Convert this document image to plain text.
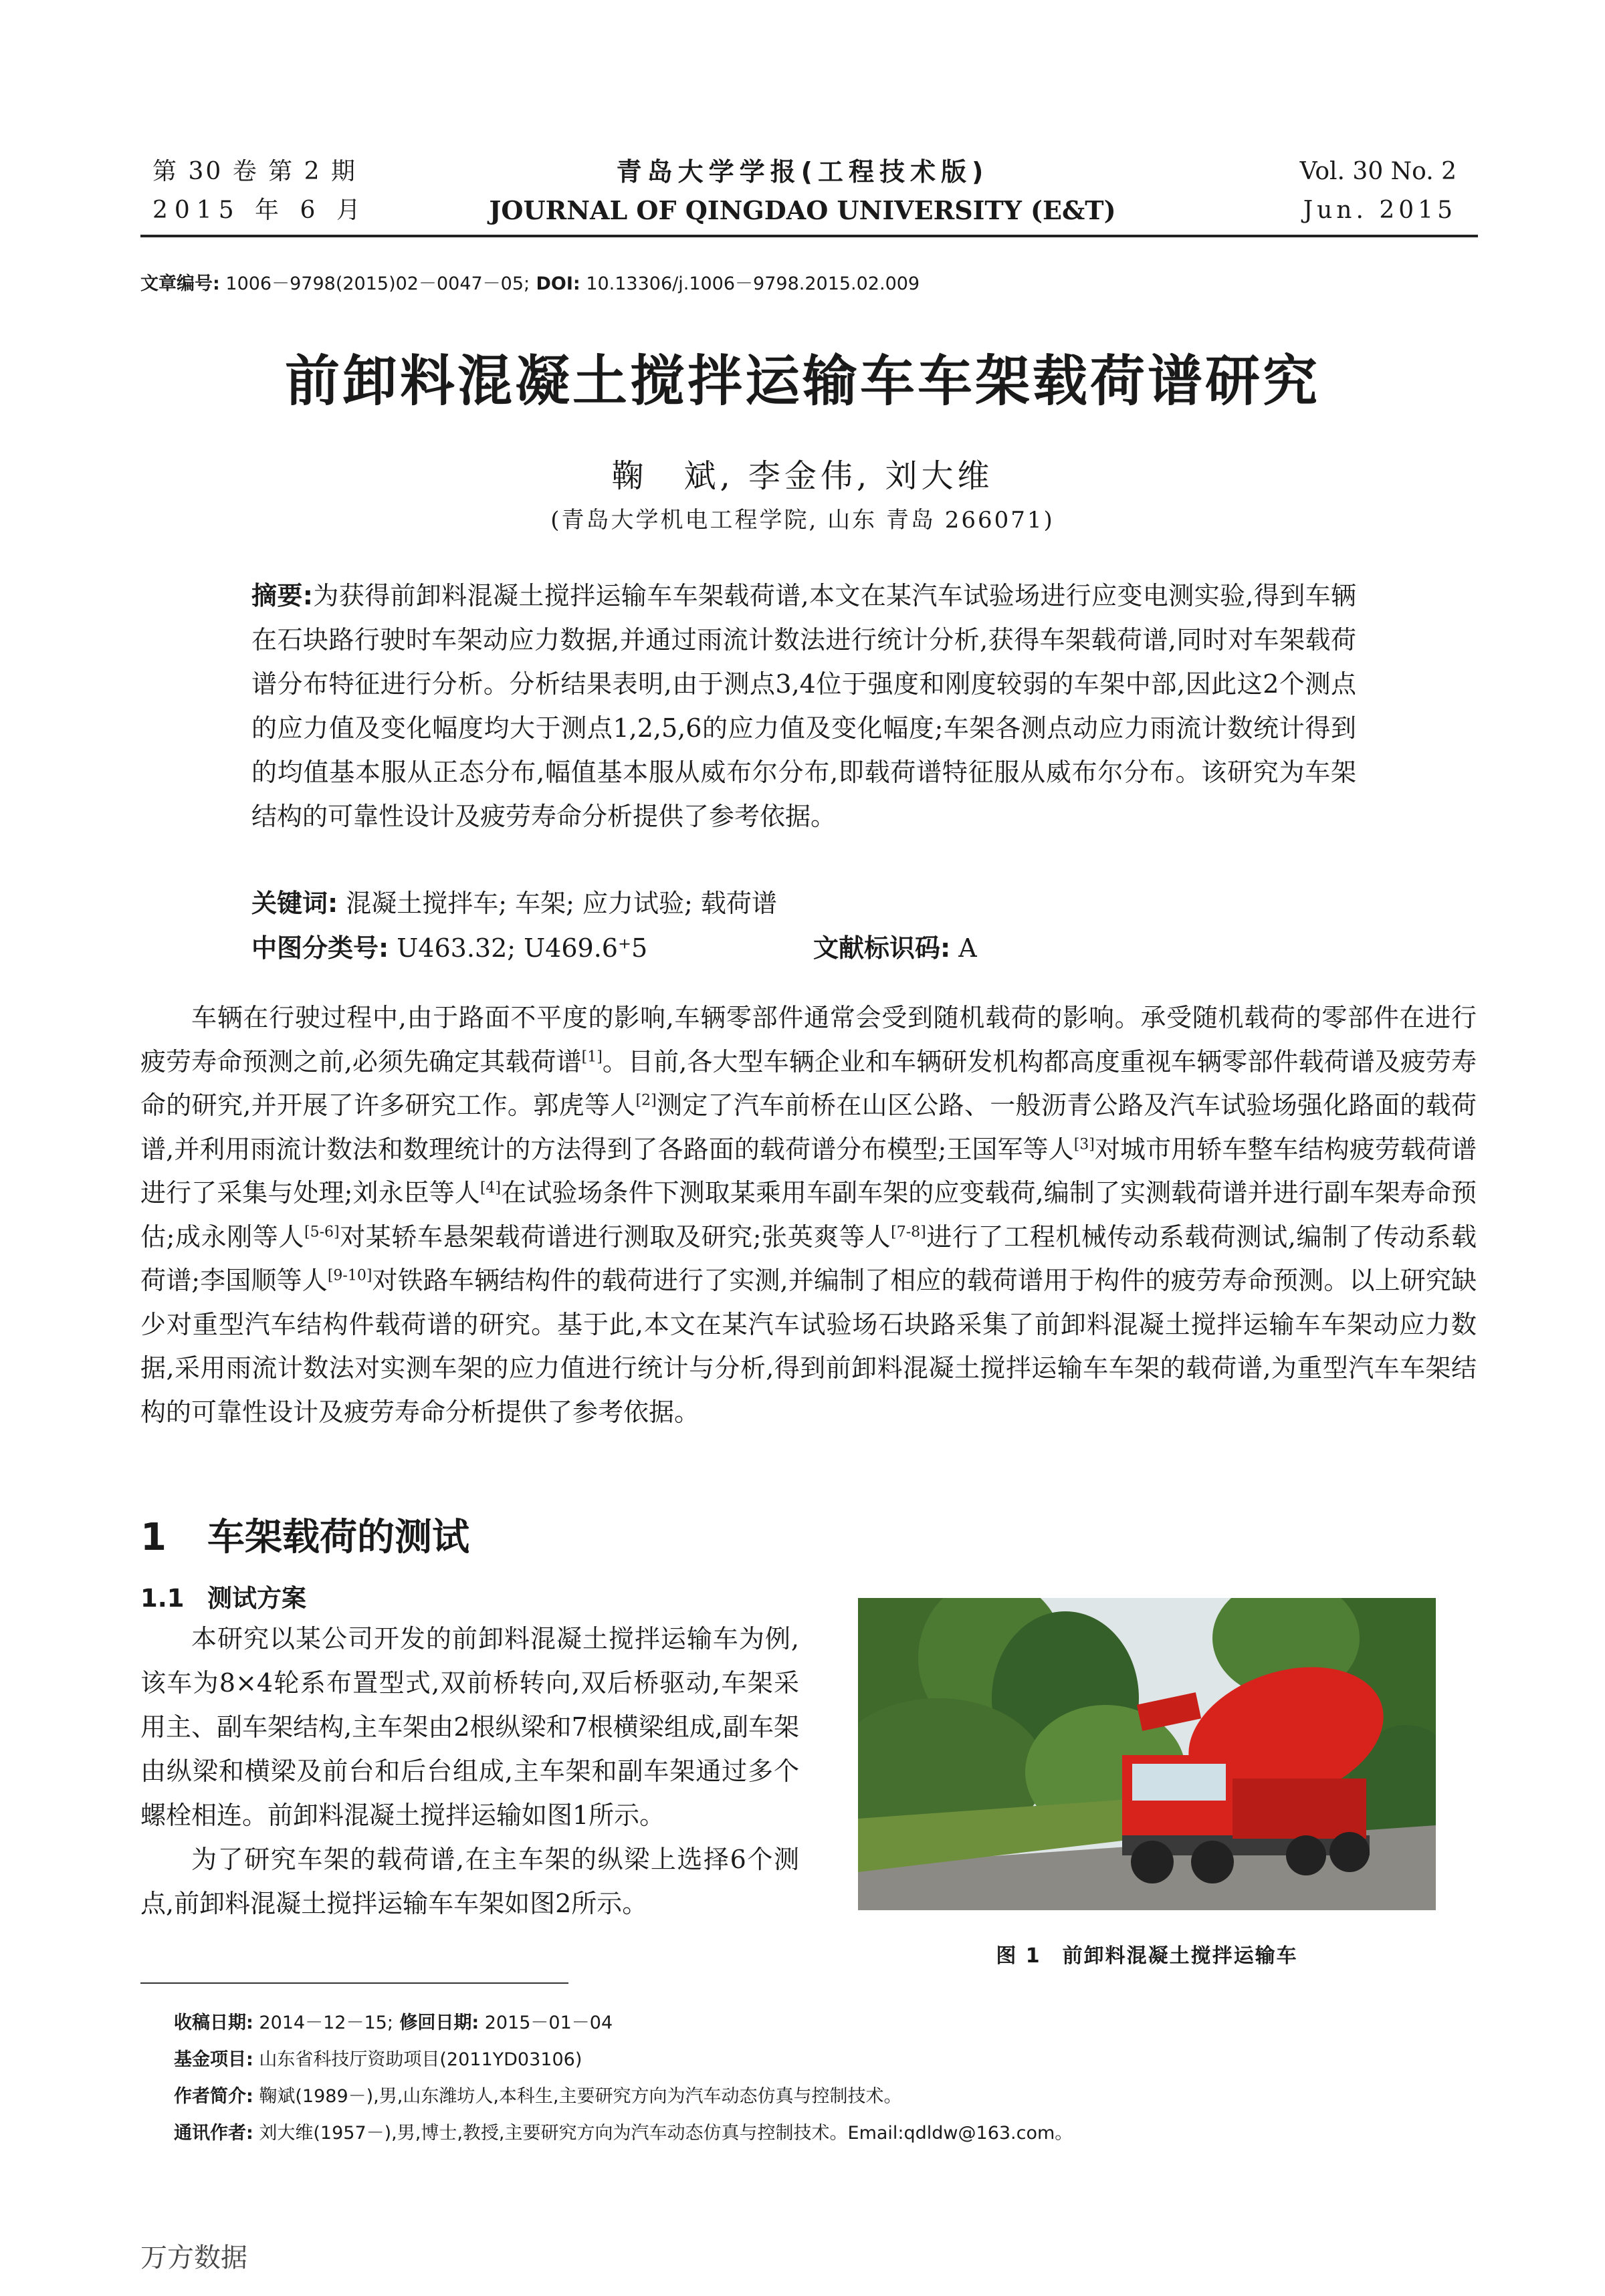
第 30 卷 第 2 期
2015 年 6 月
青岛大学学报(工程技术版)
JOURNAL OF QINGDAO UNIVERSITY (E&T)
Vol. 30 No. 2
Jun. 2015
文章编号: 1006－9798(2015)02－0047－05; DOI: 10.13306/j.1006－9798.2015.02.009
前卸料混凝土搅拌运输车车架载荷谱研究
鞠　斌, 李金伟, 刘大维
(青岛大学机电工程学院, 山东 青岛 266071)
摘要:为获得前卸料混凝土搅拌运输车车架载荷谱,本文在某汽车试验场进行应变电测实验,得到车辆在石块路行驶时车架动应力数据,并通过雨流计数法进行统计分析,获得车架载荷谱,同时对车架载荷谱分布特征进行分析。分析结果表明,由于测点3,4位于强度和刚度较弱的车架中部,因此这2个测点的应力值及变化幅度均大于测点1,2,5,6的应力值及变化幅度;车架各测点动应力雨流计数统计得到的均值基本服从正态分布,幅值基本服从威布尔分布,即载荷谱特征服从威布尔分布。该研究为车架结构的可靠性设计及疲劳寿命分析提供了参考依据。
关键词: 混凝土搅拌车; 车架; 应力试验; 载荷谱
中图分类号: U463.32; U469.6⁺5	文献标识码: A
车辆在行驶过程中,由于路面不平度的影响,车辆零部件通常会受到随机载荷的影响。承受随机载荷的零部件在进行疲劳寿命预测之前,必须先确定其载荷谱[1]。目前,各大型车辆企业和车辆研发机构都高度重视车辆零部件载荷谱及疲劳寿命的研究,并开展了许多研究工作。郭虎等人[2]测定了汽车前桥在山区公路、一般沥青公路及汽车试验场强化路面的载荷谱,并利用雨流计数法和数理统计的方法得到了各路面的载荷谱分布模型;王国军等人[3]对城市用轿车整车结构疲劳载荷谱进行了采集与处理;刘永臣等人[4]在试验场条件下测取某乘用车副车架的应变载荷,编制了实测载荷谱并进行副车架寿命预估;成永刚等人[5-6]对某轿车悬架载荷谱进行测取及研究;张英爽等人[7-8]进行了工程机械传动系载荷测试,编制了传动系载荷谱;李国顺等人[9-10]对铁路车辆结构件的载荷进行了实测,并编制了相应的载荷谱用于构件的疲劳寿命预测。以上研究缺少对重型汽车结构件载荷谱的研究。基于此,本文在某汽车试验场石块路采集了前卸料混凝土搅拌运输车车架动应力数据,采用雨流计数法对实测车架的应力值进行统计与分析,得到前卸料混凝土搅拌运输车车架的载荷谱,为重型汽车车架结构的可靠性设计及疲劳寿命分析提供了参考依据。
1 车架载荷的测试
1.1 测试方案

本研究以某公司开发的前卸料混凝土搅拌运输车为例,该车为8×4轮系布置型式,双前桥转向,双后桥驱动,车架采用主、副车架结构,主车架由2根纵梁和7根横梁组成,副车架由纵梁和横梁及前台和后台组成,主车架和副车架通过多个螺栓相连。前卸料混凝土搅拌运输如图1所示。

为了研究车架的载荷谱,在主车架的纵梁上选择6个测点,前卸料混凝土搅拌运输车车架如图2所示。

图 1　前卸料混凝土搅拌运输车
收稿日期: 2014－12－15; 修回日期: 2015－01－04
基金项目: 山东省科技厅资助项目(2011YD03106)
作者简介: 鞠斌(1989－),男,山东潍坊人,本科生,主要研究方向为汽车动态仿真与控制技术。
通讯作者: 刘大维(1957－),男,博士,教授,主要研究方向为汽车动态仿真与控制技术。Email:qdldw@163.com。
万方数据
